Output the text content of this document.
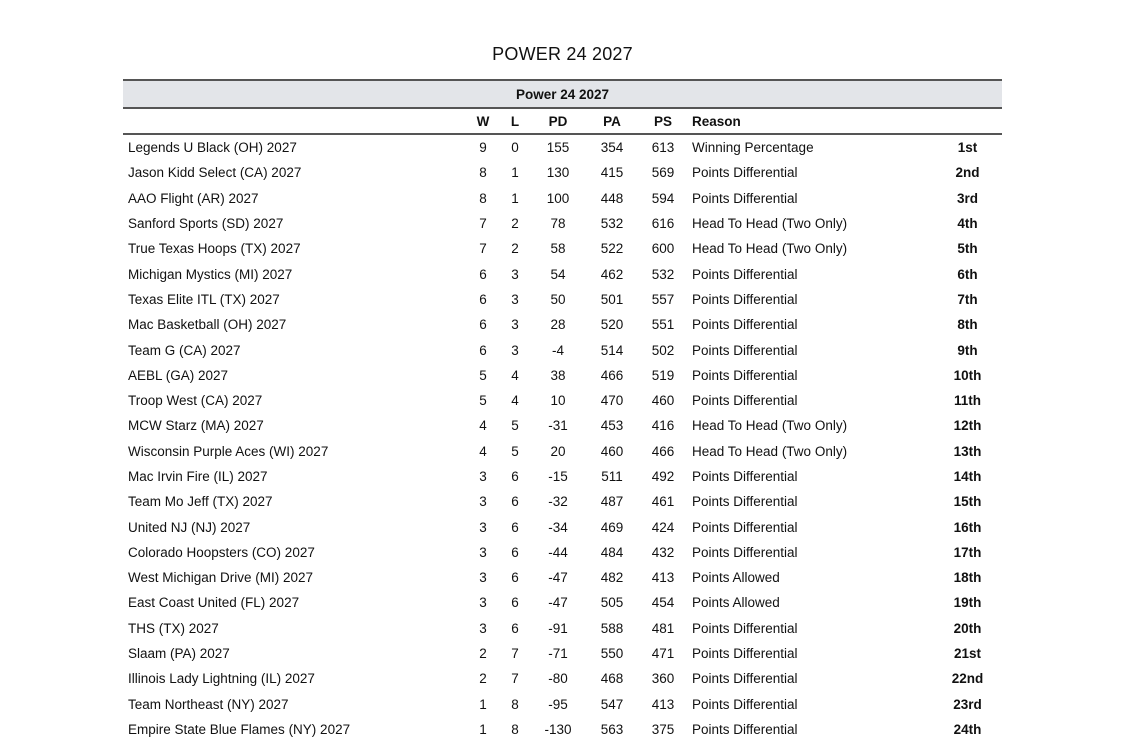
POWER 24 2027
Power 24 2027							
	W	L	PD	PA	PS	Reason	
Legends U Black (OH) 2027	9	0	155	354	613	Winning Percentage	1st
Jason Kidd Select (CA) 2027	8	1	130	415	569	Points Differential	2nd
AAO Flight (AR) 2027	8	1	100	448	594	Points Differential	3rd
Sanford Sports (SD) 2027	7	2	78	532	616	Head To Head (Two Only)	4th
True Texas Hoops (TX) 2027	7	2	58	522	600	Head To Head (Two Only)	5th
Michigan Mystics (MI) 2027	6	3	54	462	532	Points Differential	6th
Texas Elite ITL (TX) 2027	6	3	50	501	557	Points Differential	7th
Mac Basketball (OH) 2027	6	3	28	520	551	Points Differential	8th
Team G (CA) 2027	6	3	-4	514	502	Points Differential	9th
AEBL (GA) 2027	5	4	38	466	519	Points Differential	10th
Troop West (CA) 2027	5	4	10	470	460	Points Differential	11th
MCW Starz (MA) 2027	4	5	-31	453	416	Head To Head (Two Only)	12th
Wisconsin Purple Aces (WI) 2027	4	5	20	460	466	Head To Head (Two Only)	13th
Mac Irvin Fire (IL) 2027	3	6	-15	511	492	Points Differential	14th
Team Mo Jeff (TX) 2027	3	6	-32	487	461	Points Differential	15th
United NJ (NJ) 2027	3	6	-34	469	424	Points Differential	16th
Colorado Hoopsters (CO) 2027	3	6	-44	484	432	Points Differential	17th
West Michigan Drive (MI) 2027	3	6	-47	482	413	Points Allowed	18th
East Coast United (FL) 2027	3	6	-47	505	454	Points Allowed	19th
THS (TX) 2027	3	6	-91	588	481	Points Differential	20th
Slaam (PA) 2027	2	7	-71	550	471	Points Differential	21st
Illinois Lady Lightning (IL) 2027	2	7	-80	468	360	Points Differential	22nd
Team Northeast (NY) 2027	1	8	-95	547	413	Points Differential	23rd
Empire State Blue Flames (NY) 2027	1	8	-130	563	375	Points Differential	24th
